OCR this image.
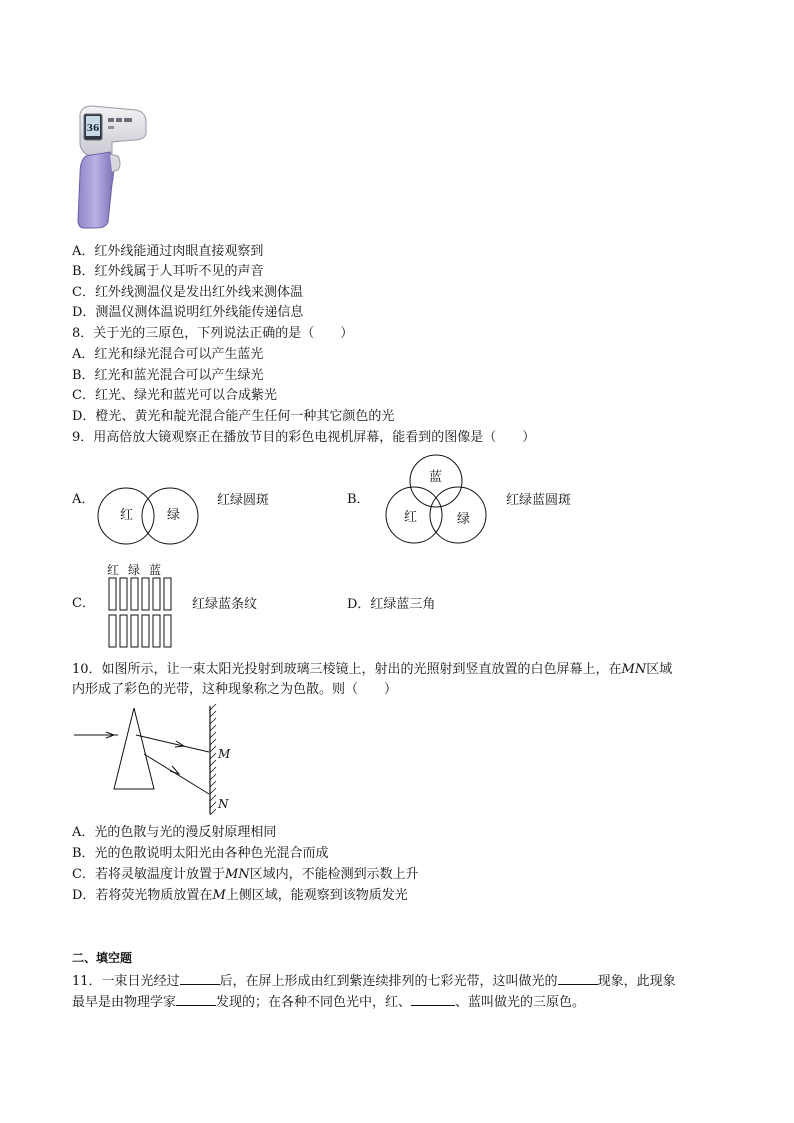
36
A．红外线能通过肉眼直接观察到
B．红外线属于人耳听不见的声音
C．红外线测温仪是发出红外线来测体温
D．测温仪测体温说明红外线能传递信息
8．关于光的三原色，下列说法正确的是（　　）
A．红光和绿光混合可以产生蓝光
B．红光和蓝光混合可以产生绿光
C．红光、绿光和蓝光可以合成紫光
D．橙光、黄光和靛光混合能产生任何一种其它颜色的光
9．用高倍放大镜观察正在播放节目的彩色电视机屏幕，能看到的图像是（　　）
A．
红	绿
红绿圆斑	B．
蓝
红	绿
红绿蓝圆斑
C．
红 绿 蓝
红绿蓝条纹	D．红绿蓝三角
10．如图所示，让一束太阳光投射到玻璃三棱镜上，射出的光照射到竖直放置的白色屏幕上，在MN区域
内形成了彩色的光带，这种现象称之为色散。则（　　）
M
N
A．光的色散与光的漫反射原理相同
B．光的色散说明太阳光由各种色光混合而成
C．若将灵敏温度计放置于MN区域内，不能检测到示数上升
D．若将荧光物质放置在M上侧区域，能观察到该物质发光
二、填空题
11．一束日光经过	后，在屏上形成由红到紫连续排列的七彩光带，这叫做光的	现象，此现象
最早是由物理学家	发现的；在各种不同色光中，红、	、蓝叫做光的三原色。
